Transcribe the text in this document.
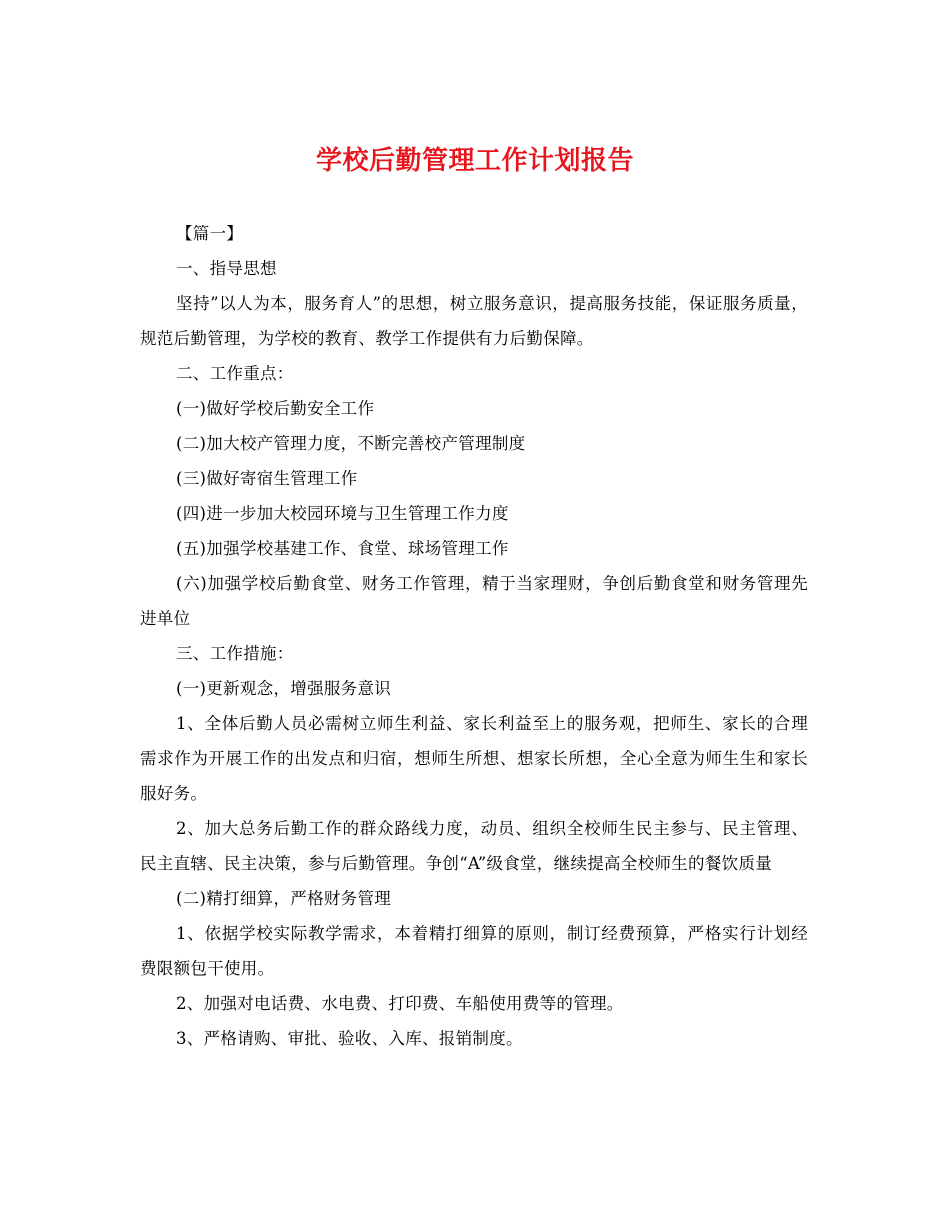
学校后勤管理工作计划报告

【篇一】

一、指导思想

坚持”以人为本，服务育人”的思想，树立服务意识，提高服务技能，保证服务质量，规范后勤管理，为学校的教育、教学工作提供有力后勤保障。

二、工作重点：

(一)做好学校后勤安全工作

(二)加大校产管理力度，不断完善校产管理制度

(三)做好寄宿生管理工作

(四)进一步加大校园环境与卫生管理工作力度

(五)加强学校基建工作、食堂、球场管理工作

(六)加强学校后勤食堂、财务工作管理，精于当家理财，争创后勤食堂和财务管理先进单位

三、工作措施：

(一)更新观念，增强服务意识

1、全体后勤人员必需树立师生利益、家长利益至上的服务观，把师生、家长的合理需求作为开展工作的出发点和归宿，想师生所想、想家长所想，全心全意为师生生和家长服好务。

2、加大总务后勤工作的群众路线力度，动员、组织全校师生民主参与、民主管理、民主直辖、民主决策，参与后勤管理。争创“A”级食堂，继续提高全校师生的餐饮质量

(二)精打细算，严格财务管理

1、依据学校实际教学需求，本着精打细算的原则，制订经费预算，严格实行计划经费限额包干使用。

2、加强对电话费、水电费、打印费、车船使用费等的管理。

3、严格请购、审批、验收、入库、报销制度。
